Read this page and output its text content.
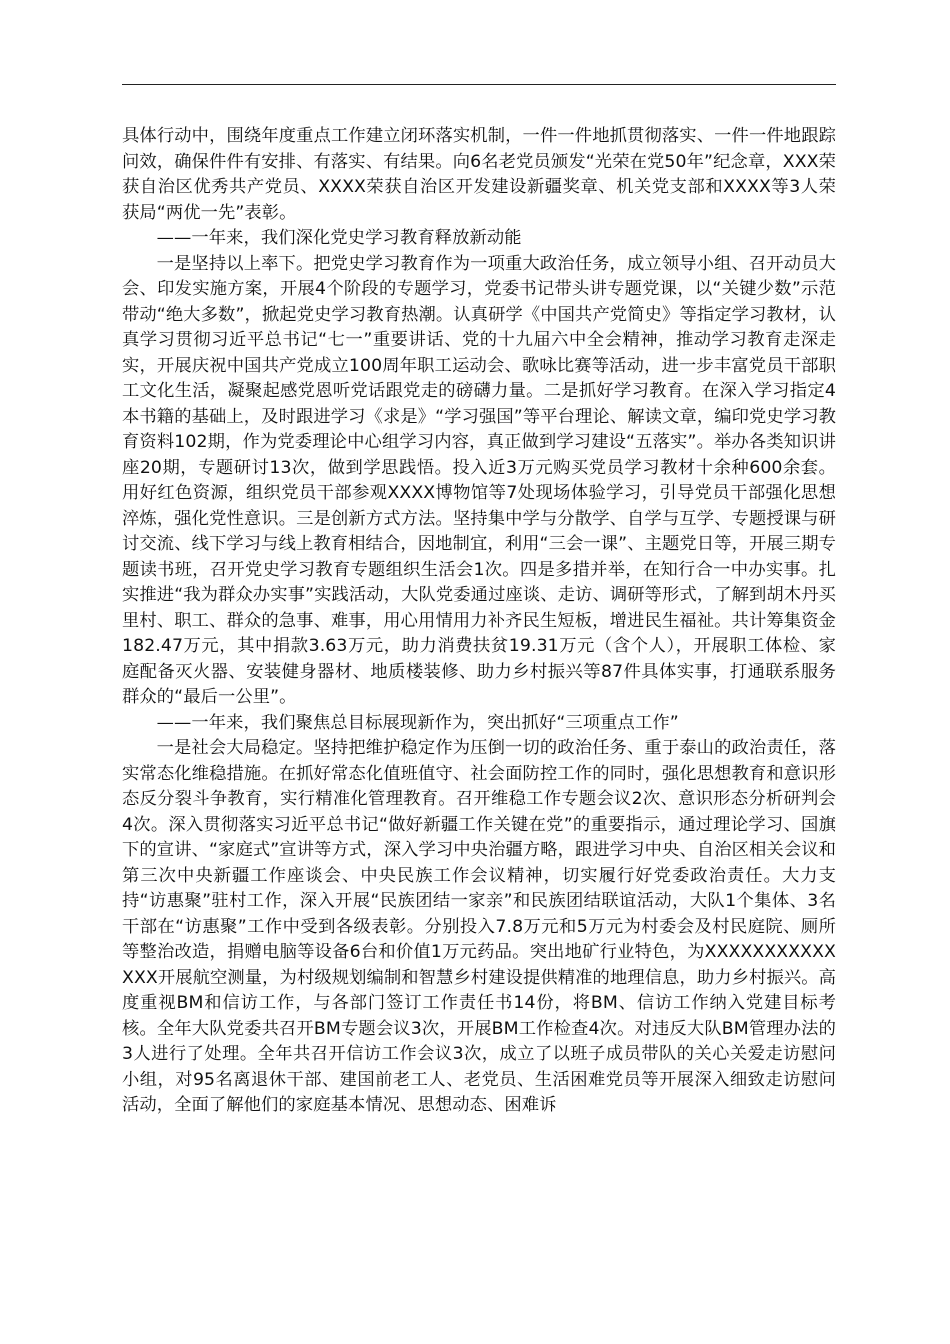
具体行动中，围绕年度重点工作建立闭环落实机制，一件一件地抓贯彻落实、一件一件地跟踪问效，确保件件有安排、有落实、有结果。向6名老党员颁发“光荣在党50年”纪念章，XXX荣获自治区优秀共产党员、XXXX荣获自治区开发建设新疆奖章、机关党支部和XXXX等3人荣获局“两优一先”表彰。

——一年来，我们深化党史学习教育释放新动能

一是坚持以上率下。把党史学习教育作为一项重大政治任务，成立领导小组、召开动员大会、印发实施方案，开展4个阶段的专题学习，党委书记带头讲专题党课，以“关键少数”示范带动“绝大多数”，掀起党史学习教育热潮。认真研学《中国共产党简史》等指定学习教材，认真学习贯彻习近平总书记“七一”重要讲话、党的十九届六中全会精神，推动学习教育走深走实，开展庆祝中国共产党成立100周年职工运动会、歌咏比赛等活动，进一步丰富党员干部职工文化生活，凝聚起感党恩听党话跟党走的磅礴力量。二是抓好学习教育。在深入学习指定4本书籍的基础上，及时跟进学习《求是》“学习强国”等平台理论、解读文章，编印党史学习教育资料102期，作为党委理论中心组学习内容，真正做到学习建设“五落实”。举办各类知识讲座20期，专题研讨13次，做到学思践悟。投入近3万元购买党员学习教材十余种600余套。用好红色资源，组织党员干部参观XXXX博物馆等7处现场体验学习，引导党员干部强化思想淬炼，强化党性意识。三是创新方式方法。坚持集中学与分散学、自学与互学、专题授课与研讨交流、线下学习与线上教育相结合，因地制宜，利用“三会一课”、主题党日等，开展三期专题读书班，召开党史学习教育专题组织生活会1次。四是多措并举，在知行合一中办实事。扎实推进“我为群众办实事”实践活动，大队党委通过座谈、走访、调研等形式，了解到胡木丹买里村、职工、群众的急事、难事，用心用情用力补齐民生短板，增进民生福祉。共计筹集资金182.47万元，其中捐款3.63万元，助力消费扶贫19.31万元（含个人），开展职工体检、家庭配备灭火器、安装健身器材、地质楼装修、助力乡村振兴等87件具体实事，打通联系服务群众的“最后一公里”。

——一年来，我们聚焦总目标展现新作为，突出抓好“三项重点工作”

一是社会大局稳定。坚持把维护稳定作为压倒一切的政治任务、重于泰山的政治责任，落实常态化维稳措施。在抓好常态化值班值守、社会面防控工作的同时，强化思想教育和意识形态反分裂斗争教育，实行精准化管理教育。召开维稳工作专题会议2次、意识形态分析研判会4次。深入贯彻落实习近平总书记“做好新疆工作关键在党”的重要指示，通过理论学习、国旗下的宣讲、“家庭式”宣讲等方式，深入学习中央治疆方略，跟进学习中央、自治区相关会议和第三次中央新疆工作座谈会、中央民族工作会议精神，切实履行好党委政治责任。大力支持“访惠聚”驻村工作，深入开展“民族团结一家亲”和民族团结联谊活动，大队1个集体、3名干部在“访惠聚”工作中受到各级表彰。分别投入7.8万元和5万元为村委会及村民庭院、厕所等整治改造，捐赠电脑等设备6台和价值1万元药品。突出地矿行业特色，为XXXXXXXXXXXXXX开展航空测量，为村级规划编制和智慧乡村建设提供精准的地理信息，助力乡村振兴。高度重视BM和信访工作，与各部门签订工作责任书14份，将BM、信访工作纳入党建目标考核。全年大队党委共召开BM专题会议3次，开展BM工作检查4次。对违反大队BM管理办法的3人进行了处理。全年共召开信访工作会议3次，成立了以班子成员带队的关心关爱走访慰问小组，对95名离退休干部、建国前老工人、老党员、生活困难党员等开展深入细致走访慰问活动，全面了解他们的家庭基本情况、思想动态、困难诉
